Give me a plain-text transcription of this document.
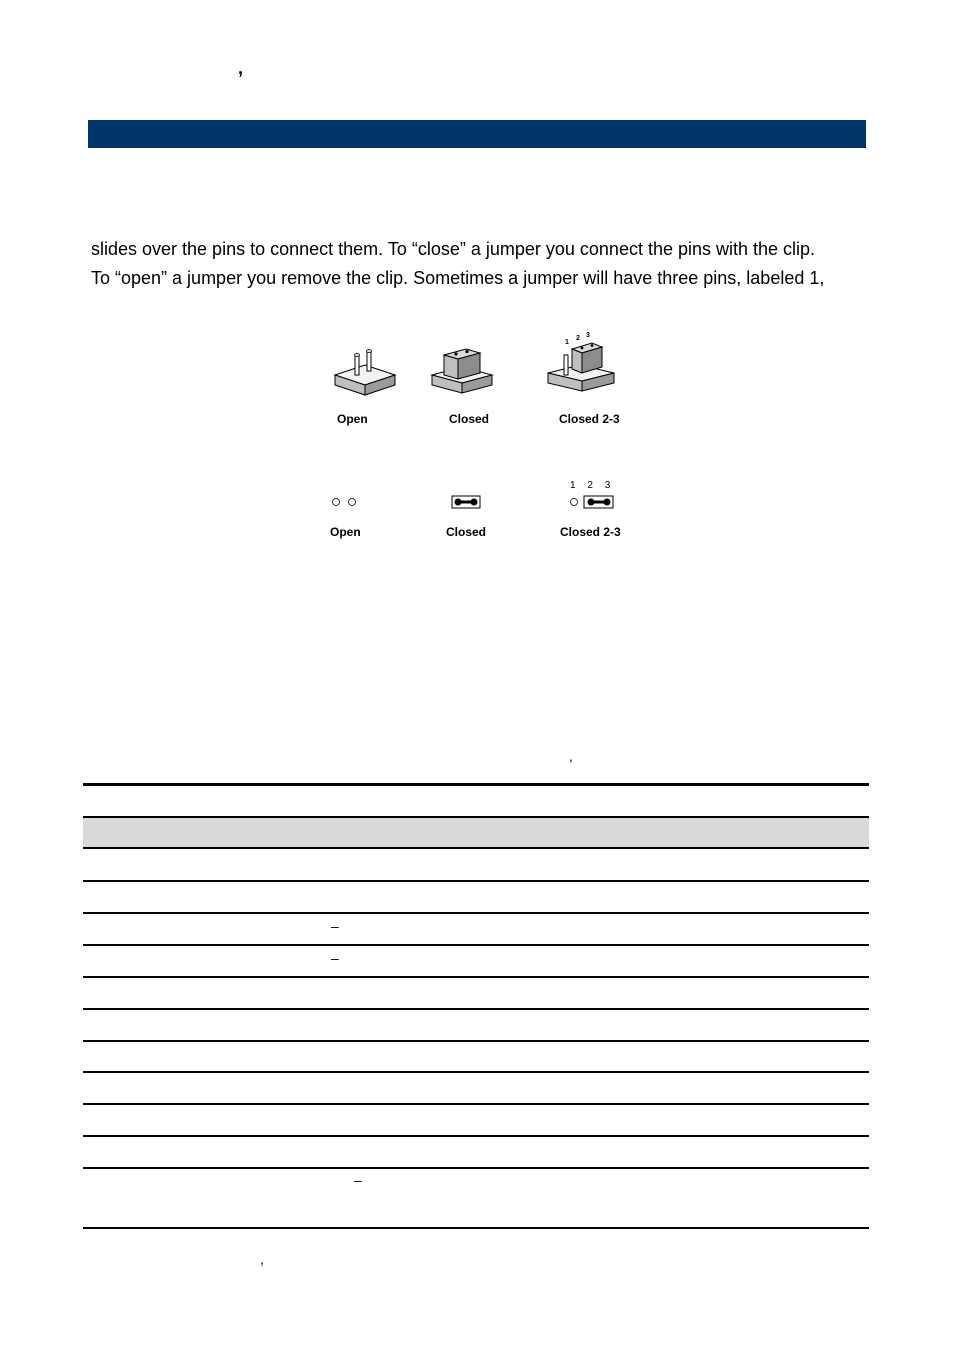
,
slides over the pins to connect them. To “close” a jumper you connect the pins with the clip.
To “open” a jumper you remove the clip. Sometimes a jumper will have three pins, labeled 1,
1
2 3
Open	Closed	Closed 2-3
1 2 3
Open	Closed	Closed 2-3
,
–
–
–
,
